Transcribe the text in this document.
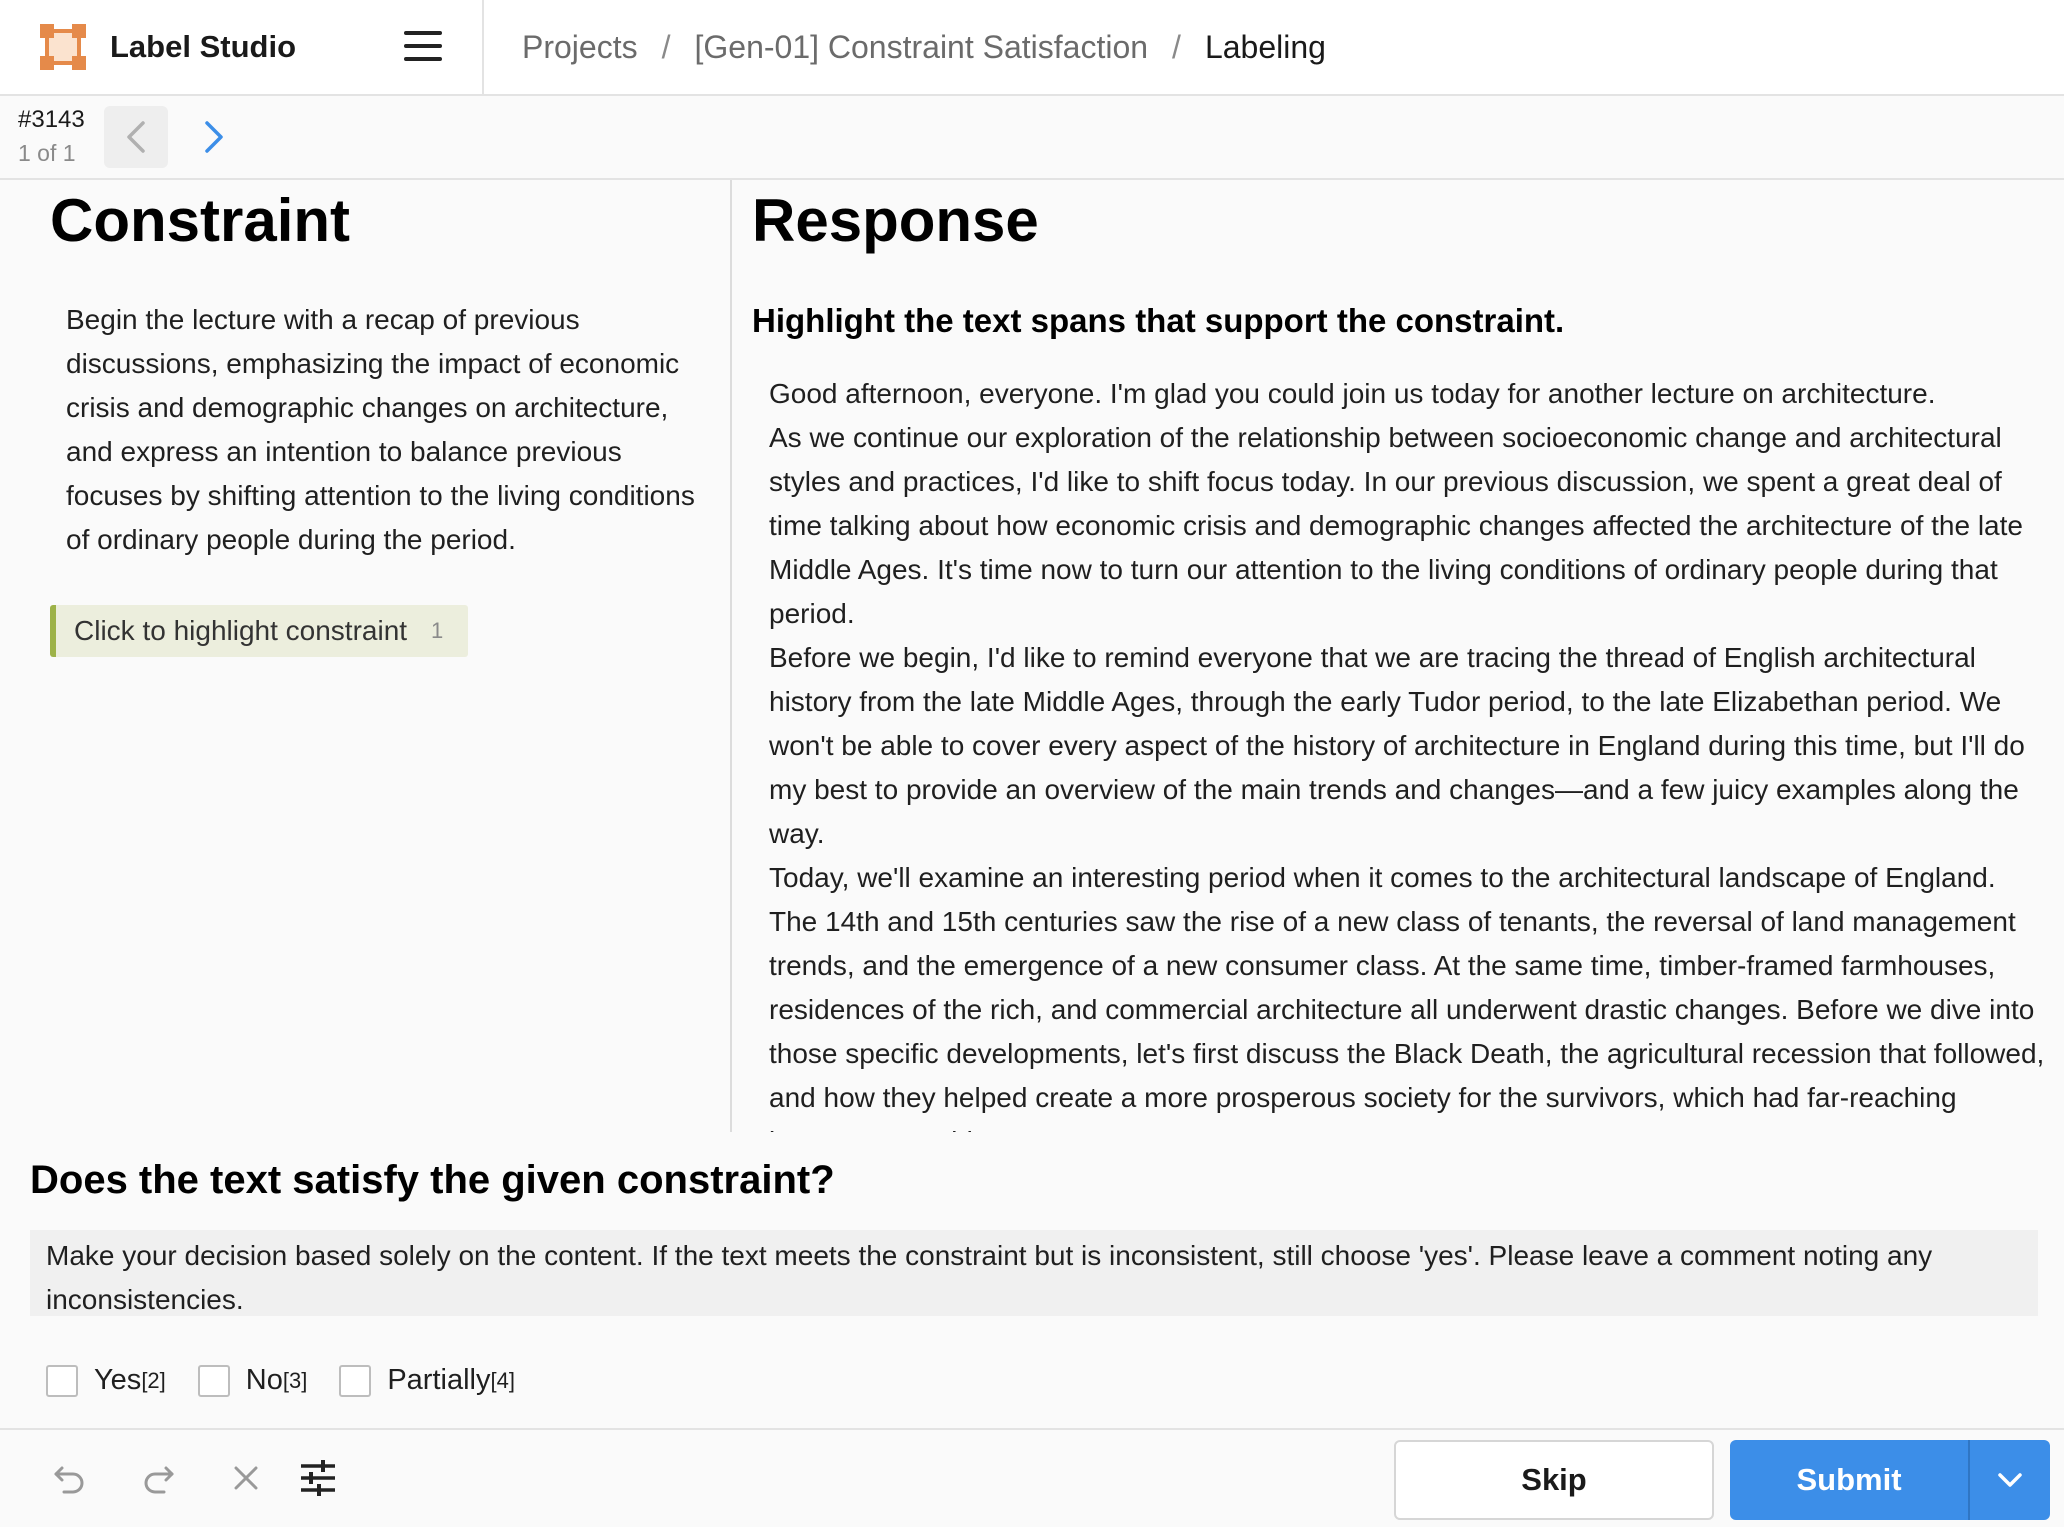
Label Studio	Projects / [Gen-01] Constraint Satisfaction / Labeling
#3143
1 of 1
Constraint

Begin the lecture with a recap of previous discussions, emphasizing the impact of economic crisis and demographic changes on architecture, and express an intention to balance previous focuses by shifting attention to the living conditions of ordinary people during the period.

Click to highlight constraint 1
Response
Highlight the text spans that support the constraint.

Good afternoon, everyone. I'm glad you could join us today for another lecture on architecture.

As we continue our exploration of the relationship between socioeconomic change and architectural styles and practices, I'd like to shift focus today. In our previous discussion, we spent a great deal of time talking about how economic crisis and demographic changes affected the architecture of the late Middle Ages. It's time now to turn our attention to the living conditions of ordinary people during that period.

Before we begin, I'd like to remind everyone that we are tracing the thread of English architectural history from the late Middle Ages, through the early Tudor period, to the late Elizabethan period. We won't be able to cover every aspect of the history of architecture in England during this time, but I'll do my best to provide an overview of the main trends and changes—and a few juicy examples along the way.

Today, we'll examine an interesting period when it comes to the architectural landscape of England. The 14th and 15th centuries saw the rise of a new class of tenants, the reversal of land management trends, and the emergence of a new consumer class. At the same time, timber-framed farmhouses, residences of the rich, and commercial architecture all underwent drastic changes. Before we dive into those specific developments, let's first discuss the Black Death, the agricultural recession that followed, and how they helped create a more prosperous society for the survivors, which had far-reaching

Does the text satisfy the given constraint?
Make your decision based solely on the content. If the text meets the constraint but is inconsistent, still choose 'yes'. Please leave a comment noting any inconsistencies.
Yes [2]	No [3]	Partially [4]
Skip	Submit
